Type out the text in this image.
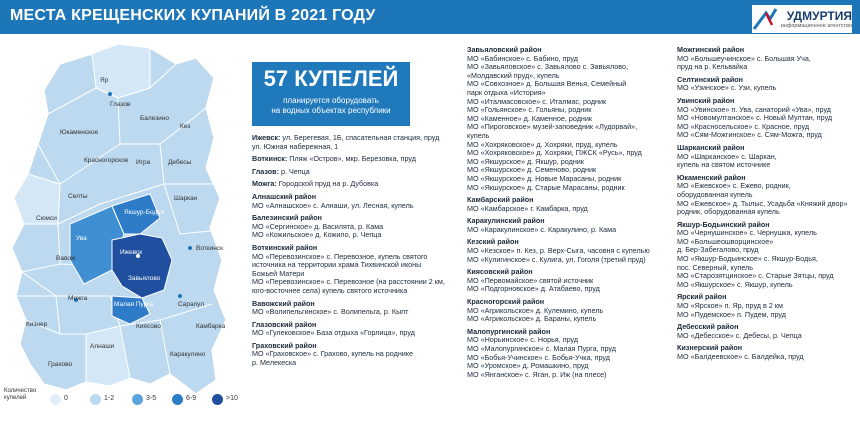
МЕСТА КРЕЩЕНСКИХ КУПАНИЙ В 2021 ГОДУ	УДМУРТИЯ
информационное агентство
Яр
Глазов
Юкаменское
Балезино
Красногорское
Кез
Игра	Дебесы
Селты
Якшур-Бодья
Шаркан
Сюмси
Ува
Ижевск
Воткинск
Вавож
Завьялово
Можга
Малая Пурга	Сарапул
Кизнер	Киясово	Камбарка
Алнаши
Грахово
Каракулино
Количество купелей	0	1-2	3-5	6-9	>10
57 КУПЕЛЕЙ
планируется оборудовать
на водных объектах республики
Ижевск: ул. Берегевая, 1Б, спасательная станция, пруд
ул. Южная набережная, 1
Воткинск: Пляж «Остров», мкр. Березовка, пруд
Глазов: р. Чепца
Можга: Городской пруд на р. Дубовка
Алнашский район
МО «Алнашское» с. Алнаши, ул. Лесная, купель
Балезинский район
МО «Сергинское» д. Василята, р. Кама
МО «Кожильское» д. Кожило, р. Чепца
Воткинский район
МО «Перевозинское» с. Перевозное, купель святого
источника на территории храма Тихвинской иконы
Божьей Матери
МО «Перевозинское» с. Перевозное (на расстоянии 2 км,
юго-восточнее села) купель святого источника
Вавожский район
МО «Волипельгинское» с. Волипельга, р. Кыпт
Глазовский район
МО «Гулековское» База отдыха «Горлица», пруд
Граховский район
МО «Граховское» с. Грахово, купель на роднике
р. Мелекеска
Завьяловский район
МО «Бабинское» с. Бабино, пруд
МО «Завьяловское» с. Завьялово с. Завьялово,
«Молдавский пруд», купель
МО «Совхозное» д. Большая Венья, Семейный
парк отдыха «История»
МО «Италмасовское» с. Италмас, родник
МО «Гольянское» с. Гольяны, родник
МО «Каменное» д. Каменное, родник
МО «Пироговское» музей-заповедник «Лудорвай»,
купель
МО «Хохряковское» д. Хохряки, пруд, купель
МО «Хохряковское» д. Хохряки, ПЖСК «Русь», пруд
МО «Якшурское» д. Якшур, родник
МО «Якшурское» д. Семеново, родник
МО «Якшурское» д. Новые Марасаны, родник
МО «Якшурское» д. Старые Марасаны, родник
Камбарский район
МО «Камбарское» г. Камбарка, пруд
Каракулинский район
МО «Каракулинское» с. Каракулино, р. Кама
Кезский район
МО «Кезское» п. Кез, р. Верх-Сыга, часовня с купелью
МО «Кулигинское» с. Кулига, ул. Гоголя (третий пруд)
Киясовский район
МО «Первомайское» святой источник
МО «Подгорновское» д. Атабаево, пруд
Красногорский район
МО «Агрикольское» д. Кулемино, купель
МО «Агрикольское» д. Бараны, купель
Малопургинский район
МО «Норьинское» с. Норья, пруд
МО «Малопургинское» с. Малая Пурга, пруд
МО «Бобья-Учинское» с. Бобья-Учка, пруд
МО «Уромское» д. Ромашкино, пруд
МО «Янганское» с. Яган, р. Иж (на плесе)
Можгинский район
МО «Большеучинское» с. Большая Уча,
пруд на р. Кельвайка
Селтинский район
МО «Узинское» с. Узи, купель
Увинский район
МО «Увинское» п. Ува, санаторий «Ува», пруд
МО «Новомултанское» с. Новый Мултан, пруд
МО «Красносельское» с. Красное, пруд
МО «Сям-Можгинское» с. Сям-Можга, пруд
Шарканский район
МО «Шарканское» с. Шаркан,
купель на святом источнике
Юкаменский район
МО «Ежевское» с. Ежево, родник,
оборудованная купель
МО «Ежевское» д. Тылыс, Усадьба «Княжий двор»
родник, оборудованная купель
Якшур-Бодьинский район
МО «Чернушинское» с. Чернушка, купель
МО «Большеошворцинское»
д. Бер-Забегалово, пруд
МО «Якшур-Бодьинское» с. Якшур-Бодья,
пос. Северный, купель
МО «Старозятцинское» с. Старые Зятцы, пруд
МО «Якшурское» с. Якшур, купель
Ярский район
МО «Ярское» п. Яр, пруд в 2 км
МО «Пудемское» п. Пудем, пруд
Дебесский район
МО «Дебесское» с. Дебесы, р. Чепца
Кизнерский район
МО «Балдеевское» с. Балдейка, пруд
